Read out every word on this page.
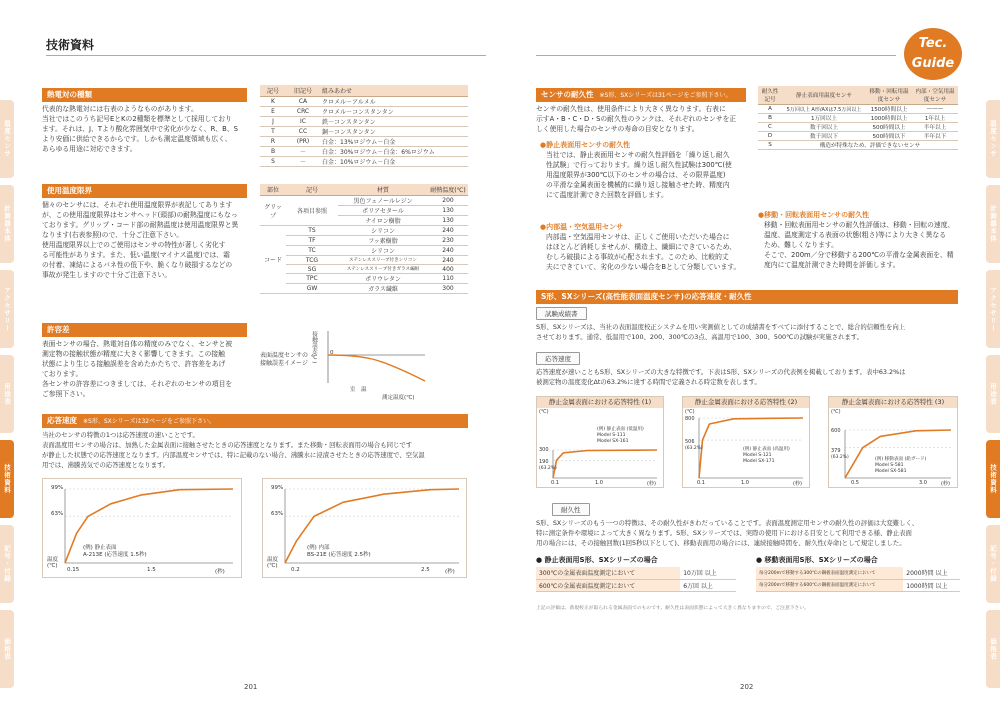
技術資料	Tec.
Guide
温度センサ
計測器本体
アクセサリー
用途表
技術資料
記号・付録
価格表
温度センサ
計測器本体
アクセサリー
用途表
技術資料
記号・付録
価格表
熱電対の種類
代表的な熱電対には右表のようなものがあります。
当社ではこのうち記号EとKの2種類を標準として採用しており
ます。それは、J、Tより酸化雰囲気中で劣化が少なく、R、B、S
より安価に供給できるからです。しかも測定温度領域も広く、
あらゆる用途に対応できます。
記号	旧記号	組みあわせ
K	CA	クロメル－アルメル
E	CRC	クロメル－コンスタンタン
J	IC	鉄－コンスタンタン
T	CC	銅－コンスタンタン
R	(PR)	白金：13%ロジウム－白金
B	－	白金：30%ロジウム－白金：6%ロジウム
S	－	白金：10%ロジウム－白金
使用温度限界
個々のセンサには、それぞれ使用温度限界が表記してあります
が、この使用温度限界はセンサヘッド(頭部)の耐熱温度にもなっ
ております。グリップ・コード部の耐熱温度は使用温度限界と異
なります(右表参照)ので、十分ご注意下さい。
使用温度限界以上でのご使用はセンサの特性が著しく劣化す
る可能性があります。また、低い温度(マイナス温度)では、霜
の付着、凍結によるバネ性の低下や、脆くなり破損するなどの
事故が発生しますので十分ご注意下さい。
部位	記号	材質	耐熱温度(℃)
グリップ	各項目参照	黒色フェノールレジン	200
		ポリアセタール	130
		ナイロン樹脂	130
コード	TS	シリコン	240
	TF	フッ素樹脂	230
	TC	シリコン	240
	TCG	ステンレススリーブ付きシリコン	240
	SG	ステンレススリーブ付きガラス編組	400
	TPC	ポリウレタン	110
	GW	ガラス繊維	300
許容差
表面センサの場合、熱電対自体の精度のみでなく、センサと被
測定物の接触状態が精度に大きく影響してきます。この接触
状態により生じる接触誤差を含めたかたちで、許容差をあげ
ております。
各センサの許容差につきましては、それぞれのセンサの項目を
ご参照下さい。
表面温度センサの
接触誤差イメージ
接触誤差(℃) 0
室　温
測定温度(℃)
応答速度 ※S形、SXシリーズは32ページをご参照下さい。
当社のセンサの特徴の1つは応答速度の速いことです。
表面温度用センサの場合は、加熱した金属表面に接触させたときの応答速度となります。また移動・回転表面用の場合も同じです
が静止した状態での応答速度となります。内部温度センサでは、特に記載のない場合、沸騰水に浸漬させたときの応答速度で、空気温
用では、沸騰蒸気での応答速度となります。
99%
63%
温度(℃)
0.15	1.5	(秒)
(例) 静止表面
A-213E (応答速度 1.5秒)
99%
63%
温度(℃)
0.2	2.5	(秒)
(例) 内部
BS-21E (応答速度 2.5秒)
201
センサの耐久性 ※S形、SXシリーズは31ページをご参照下さい。
センサの耐久性は、使用条件により大きく異なります。右表に
示すA・B・C・D・Sの耐久性のランクは、それぞれのセンサを正
しく使用した場合のセンサの寿命の目安となります。
●静止表面用センサの耐久性
当社では、静止表面用センサの耐久性評価を「繰り返し耐久
性試験」で行っております。繰り返し耐久性試験は300℃(使
用温度限界が300℃以下のセンサの場合は、その限界温度)
の平滑な金属表面を機械的に繰り返し接触させた時、精度内
にて温度計測できた回数を評価します。
●内部温・空気温用センサ
内部温・空気温用センサは、正しくご使用いただいた場合に
はほとんど消耗しませんが、構造上、繊細にできているため、
むしろ破損による事故が心配されます。このため、比較的丈
夫にできていて、劣化の少ない場合をBとして分類しています。
耐久性記号	静止表面用温度センサ	移動・回転用温度センサ	内部・空気用温度センサ
A	5万回以上 A形/AXは7.5万回以上	1500時間以上	———
B	1万回以上	1000時間以上	1年以上
C	数千回以上	500時間以上	半年以上
D	数千回以下	500時間以下	半年以下
S	構造が特殊なため、評価できないセンサ		
●移動・回転表面用センサの耐久性
移動・回転表面用センサの耐久性評価は、移動・回転の速度、
温度、温度測定する表面の状態(粗さ)等により大きく異なる
ため、難しくなります。
そこで、200m／分で移動する200℃の平滑な金属表面を、精
度内にて温度計測できた時間を評価します。
S形、SXシリーズ(高性能表面温度センサ)の応答速度・耐久性
試験成績書
S形、SXシリーズは、当社の表面温度校正システムを用い実測値としての成績書をすべてに添付することで、総合的信頼性を向上
させております。通常、低温用で100、200、300℃の3点、高温用で100、300、500℃の試験が実施されます。
応答速度
応答速度が速いこともS形、SXシリーズの大きな特徴です。下表はS形、SXシリーズの代表例を掲載しております。表中63.2%は
被測定物の温度変化Δtの63.2%に達する時間で定義される時定数を表します。
静止金属表面における応答特性 (1)
(℃)
300
190
(63.2%)
0.1	1.0	(秒)
(例) 静止表面 (低温用)
Model S-111
Model SX-161
静止金属表面における応答特性 (2)
(℃)
800
506
(63.2%)
0.1	1.0	(秒)
(例) 静止表面 (高温用)
Model S-121
Model SX-171
静止金属表面における応答特性 (3)
(℃)
600
379
(63.2%)
0.5	3.0	(秒)
(例) 移動表面 (鉛ガード)
Model S-581
Model SX-581
耐久性
S形、SXシリーズのもう一つの特徴は、その耐久性がきわだっていることです。表面温度測定用センサの耐久性の評価は大変難しく、
特に測定条件や環境によって大きく異なります。S形、SXシリーズでは、実際の使用下における目安として利用できる様、静止表面
用の場合には、その接触回数(1回5秒以下として)、移動表面用の場合には、連続接触時間を、耐久性(寿命)として規定しました。
● 静止表面用S形、SXシリーズの場合
300℃の金属表面温度測定において	10万回 以上
600℃の金属表面温度測定において	6万回 以上
● 移動表面用S形、SXシリーズの場合
毎分200mで移動する300℃の鋼板表面温度測定において	2000時間 以上
毎分200mで移動する600℃の鋼板表面温度測定において	1000時間 以上
上記の評価は、新規校正が取られる金属表面でのものです。耐久性は表面状態によって大きく異なりますので、ご注意下さい。
202
